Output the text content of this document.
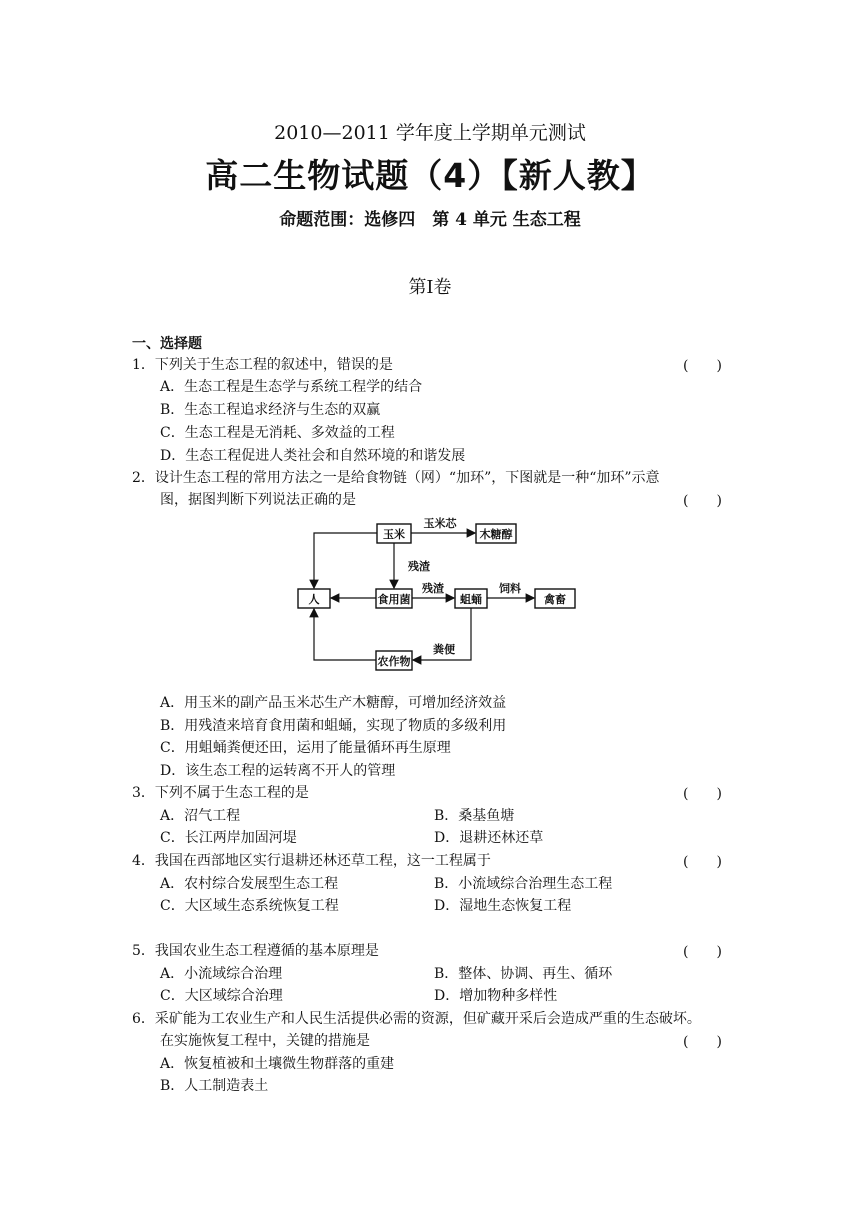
2010—2011 学年度上学期单元测试
高二生物试题（4）【新人教】
命题范围：选修四　第 4 单元 生态工程
第Ⅰ卷
一、选择题
1．下列关于生态工程的叙述中，错误的是	(　　)
A．生态工程是生态学与系统工程学的结合
B．生态工程追求经济与生态的双赢
C．生态工程是无消耗、多效益的工程
D．生态工程促进人类社会和自然环境的和谐发展
2．设计生态工程的常用方法之一是给食物链（网）“加环”，下图就是一种“加环”示意
图，据图判断下列说法正确的是	(　　)
玉米	木糖醇
人	食用菌	蛆蛹	禽畜
农作物
玉米芯
残渣
残渣	饲料
粪便
A．用玉米的副产品玉米芯生产木糖醇，可增加经济效益
B．用残渣来培育食用菌和蛆蛹，实现了物质的多级利用
C．用蛆蛹粪便还田，运用了能量循环再生原理
D．该生态工程的运转离不开人的管理
3．下列不属于生态工程的是	(　　)
A．沼气工程	B．桑基鱼塘
C．长江两岸加固河堤	D．退耕还林还草
4．我国在西部地区实行退耕还林还草工程，这一工程属于	(　　)
A．农村综合发展型生态工程	B．小流域综合治理生态工程
C．大区域生态系统恢复工程	D．湿地生态恢复工程
5．我国农业生态工程遵循的基本原理是	(　　)
A．小流域综合治理	B．整体、协调、再生、循环
C．大区域综合治理	D．增加物种多样性
6．采矿能为工农业生产和人民生活提供必需的资源，但矿藏开采后会造成严重的生态破坏。
在实施恢复工程中，关键的措施是	(　　)
A．恢复植被和土壤微生物群落的重建
B．人工制造表土
